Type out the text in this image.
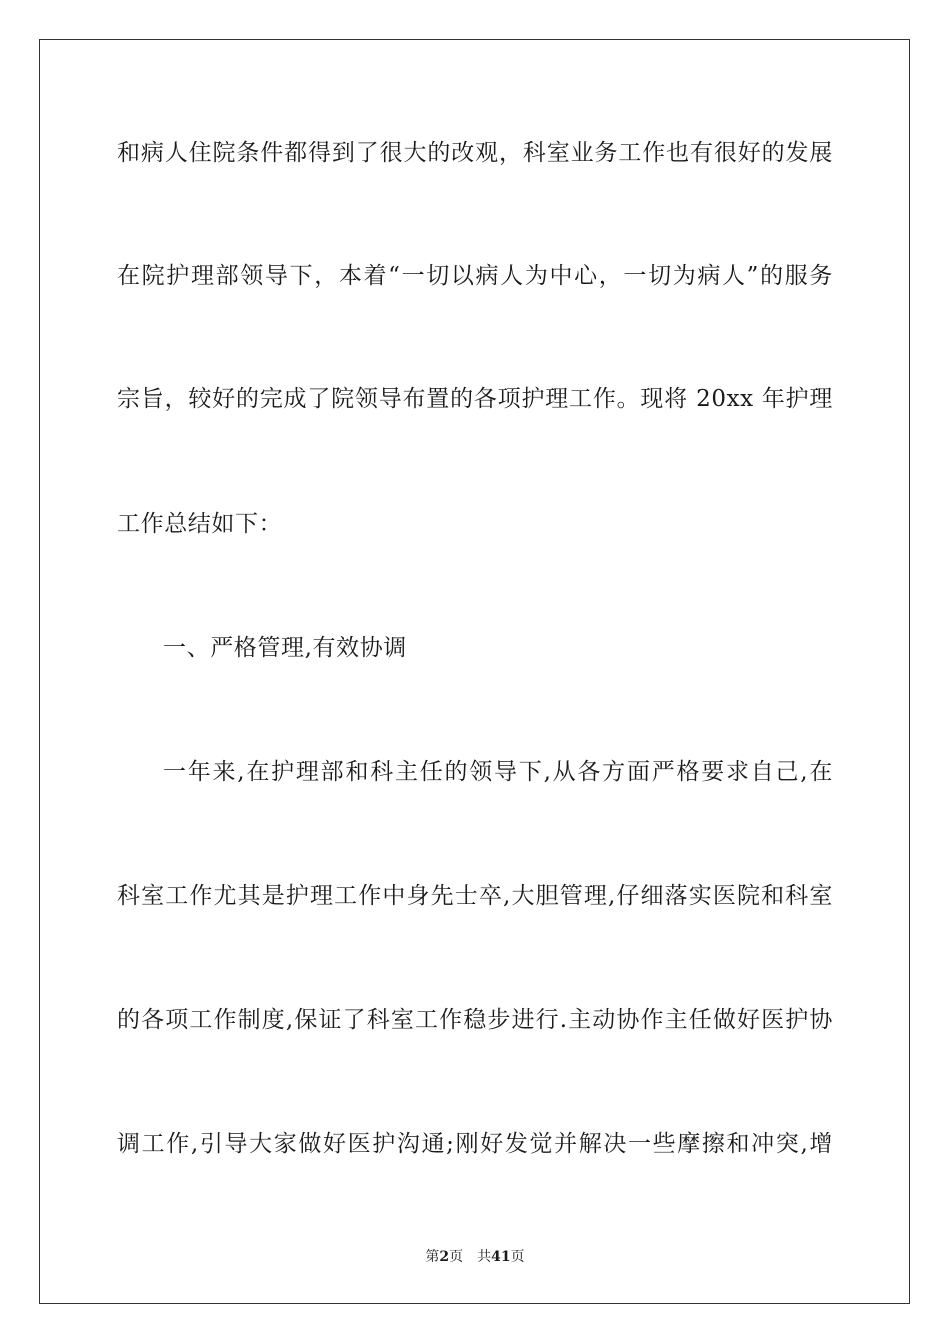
和病人住院条件都得到了很大的改观，科室业务工作也有很好的发展
在院护理部领导下，本着“一切以病人为中心，一切为病人”的服务
宗旨，较好的完成了院领导布置的各项护理工作。现将 20xx 年护理
工作总结如下：
一、严格管理,有效协调
一年来,在护理部和科主任的领导下,从各方面严格要求自己,在
科室工作尤其是护理工作中身先士卒,大胆管理,仔细落实医院和科室
的各项工作制度,保证了科室工作稳步进行.主动协作主任做好医护协
调工作,引导大家做好医护沟通;刚好发觉并解决一些摩擦和冲突,增
第2页 共41页
